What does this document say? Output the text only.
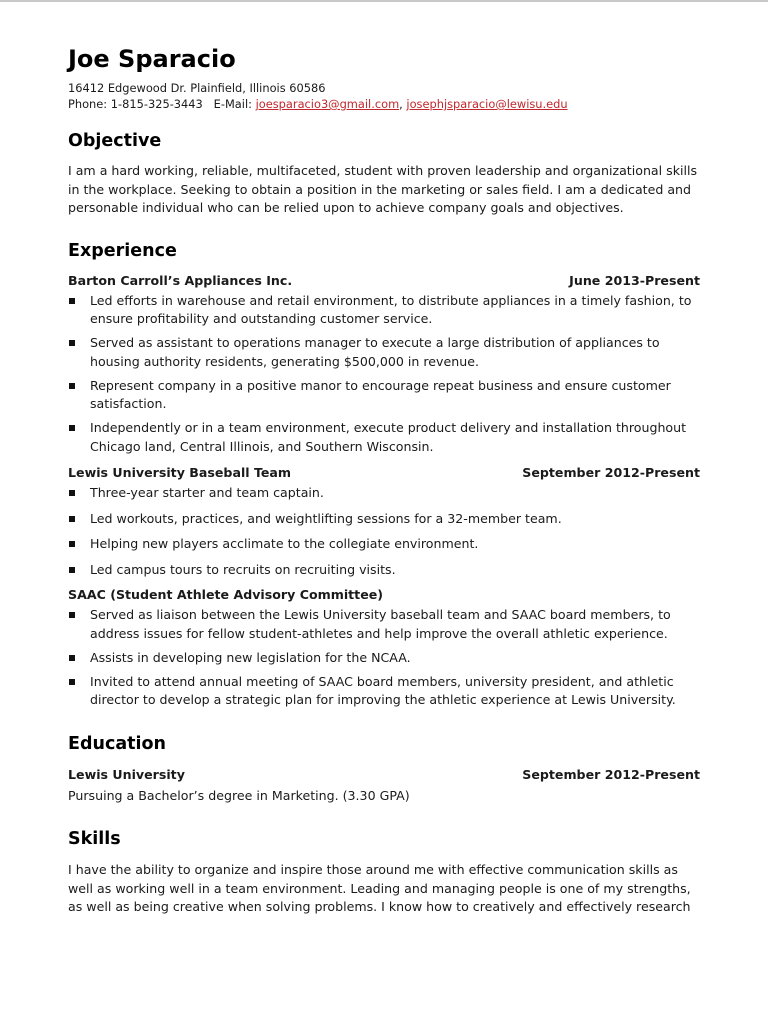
Joe Sparacio
16412 Edgewood Dr. Plainfield, Illinois 60586
Phone: 1-815-325-3443 E-Mail: joesparacio3@gmail.com, josephjsparacio@lewisu.edu
Objective

I am a hard working, reliable, multifaceted, student with proven leadership and organizational skills in the workplace. Seeking to obtain a position in the marketing or sales field. I am a dedicated and personable individual who can be relied upon to achieve company goals and objectives.

Experience
Barton Carroll’s Appliances Inc.	June 2013-Present
Led efforts in warehouse and retail environment, to distribute appliances in a timely fashion, to ensure profitability and outstanding customer service.
Served as assistant to operations manager to execute a large distribution of appliances to housing authority residents, generating $500,000 in revenue.
Represent company in a positive manor to encourage repeat business and ensure customer satisfaction.
Independently or in a team environment, execute product delivery and installation throughout Chicago land, Central Illinois, and Southern Wisconsin.
Lewis University Baseball Team	September 2012-Present
Three-year starter and team captain.
Led workouts, practices, and weightlifting sessions for a 32-member team.
Helping new players acclimate to the collegiate environment.
Led campus tours to recruits on recruiting visits.
SAAC (Student Athlete Advisory Committee)
Served as liaison between the Lewis University baseball team and SAAC board members, to address issues for fellow student-athletes and help improve the overall athletic experience.
Assists in developing new legislation for the NCAA.
Invited to attend annual meeting of SAAC board members, university president, and athletic director to develop a strategic plan for improving the athletic experience at Lewis University.
Education
Lewis University	September 2012-Present

Pursuing a Bachelor’s degree in Marketing. (3.30 GPA)

Skills

I have the ability to organize and inspire those around me with effective communication skills as well as working well in a team environment. Leading and managing people is one of my strengths, as well as being creative when solving problems. I know how to creatively and effectively research
